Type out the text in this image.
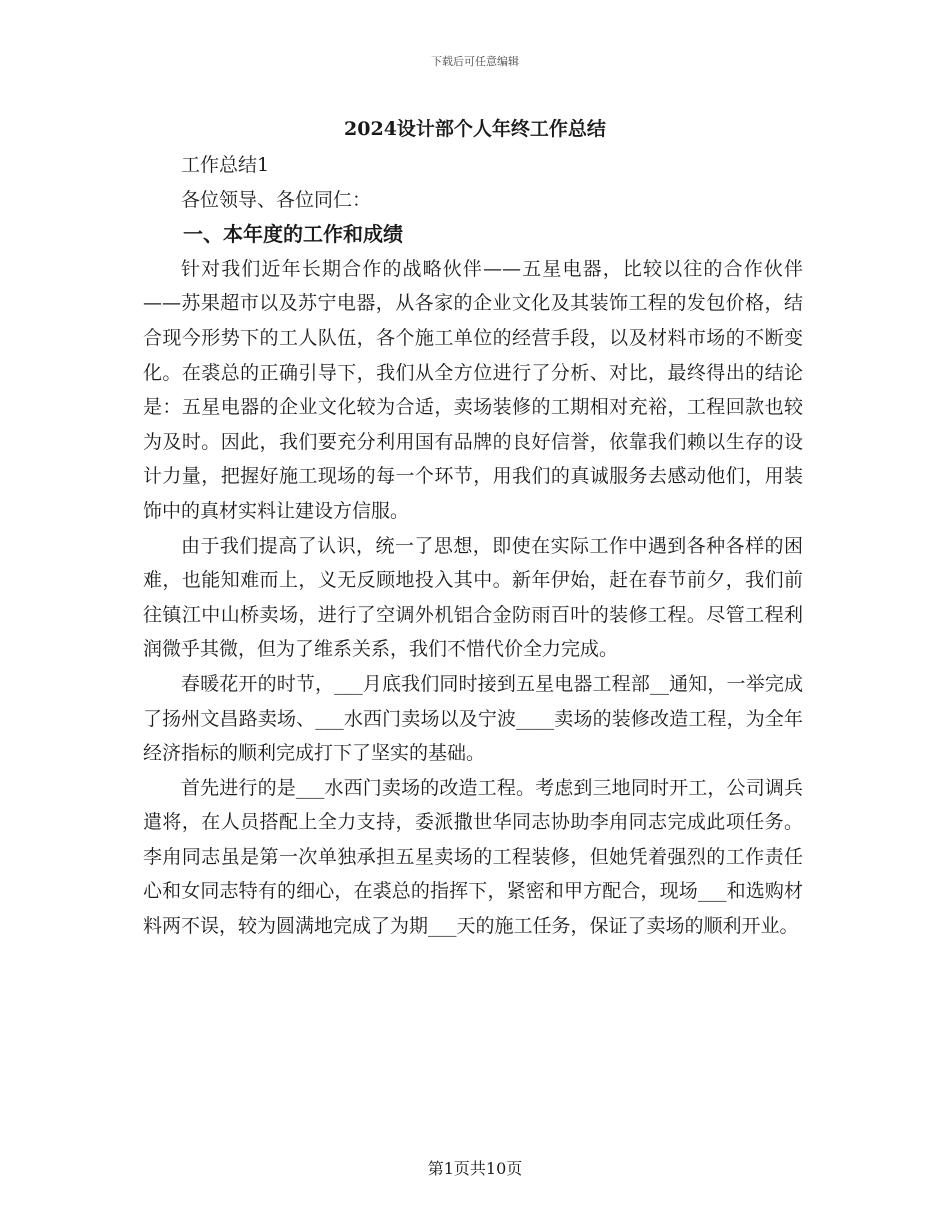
下载后可任意编辑
2024设计部个人年终工作总结

工作总结1

各位领导、各位同仁：

一、本年度的工作和成绩

针对我们近年长期合作的战略伙伴——五星电器，比较以往的合作伙伴——苏果超市以及苏宁电器，从各家的企业文化及其装饰工程的发包价格，结合现今形势下的工人队伍，各个施工单位的经营手段，以及材料市场的不断变化。在裘总的正确引导下，我们从全方位进行了分析、对比，最终得出的结论是：五星电器的企业文化较为合适，卖场装修的工期相对充裕，工程回款也较为及时。因此，我们要充分利用国有品牌的良好信誉，依靠我们赖以生存的设计力量，把握好施工现场的每一个环节，用我们的真诚服务去感动他们，用装饰中的真材实料让建设方信服。

由于我们提高了认识，统一了思想，即使在实际工作中遇到各种各样的困难，也能知难而上，义无反顾地投入其中。新年伊始，赶在春节前夕，我们前往镇江中山桥卖场，进行了空调外机铝合金防雨百叶的装修工程。尽管工程利润微乎其微，但为了维系关系，我们不惜代价全力完成。

春暖花开的时节，___月底我们同时接到五星电器工程部__通知，一举完成了扬州文昌路卖场、___水西门卖场以及宁波____卖场的装修改造工程，为全年经济指标的顺利完成打下了坚实的基础。

首先进行的是___水西门卖场的改造工程。考虑到三地同时开工，公司调兵遣将，在人员搭配上全力支持，委派撒世华同志协助李甪同志完成此项任务。李甪同志虽是第一次单独承担五星卖场的工程装修，但她凭着强烈的工作责任心和女同志特有的细心，在裘总的指挥下，紧密和甲方配合，现场___和选购材料两不误，较为圆满地完成了为期___天的施工任务，保证了卖场的顺利开业。

第1页共10页
